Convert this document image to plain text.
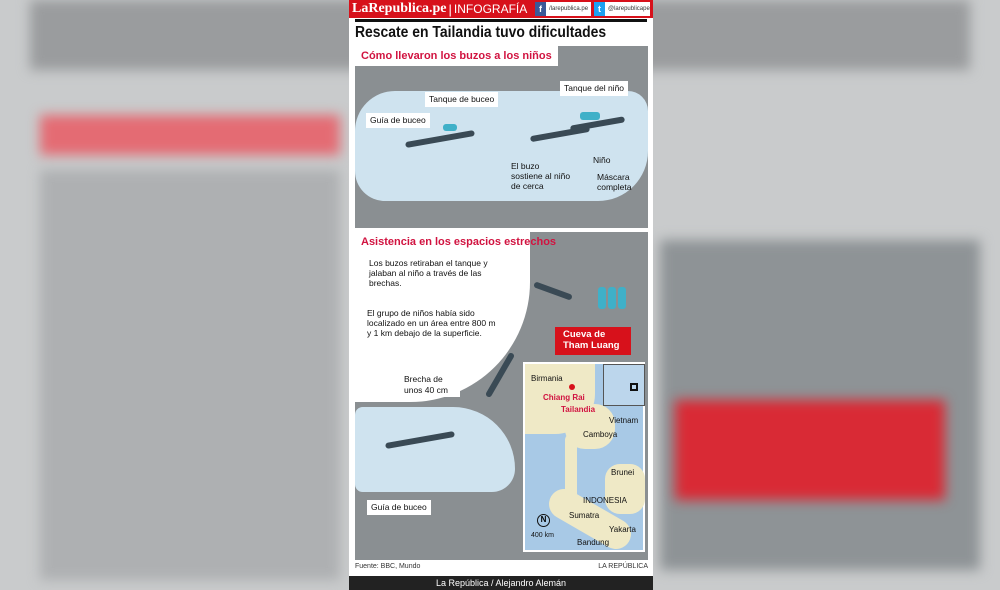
LaRepublica.pe | INFOGRAFÍA	f	/larepublica.pe	t	@larepublicape
Rescate en Tailandia tuvo dificultades
Cómo llevaron los buzos a los niños
Tanque de buceo
Guía de buceo
Tanque del niño
El buzo sostiene al niño de cerca
Niño
Máscara completa
Asistencia en los espacios estrechos
Los buzos retiraban el tanque y jalaban al niño a través de las brechas.
El grupo de niños había sido localizado en un área entre 800 m y 1 km debajo de la superficie.
Brecha de unos 40 cm
Guía de buceo
Cueva de Tham Luang
Birmania
Chiang Rai
Tailandia
Vietnam
Camboya
Brunei
INDONESIA
Sumatra
Yakarta
Bandung
N
400 km
Fuente: BBC, Mundo	LA REPÚBLICA
La República / Alejandro Alemán
